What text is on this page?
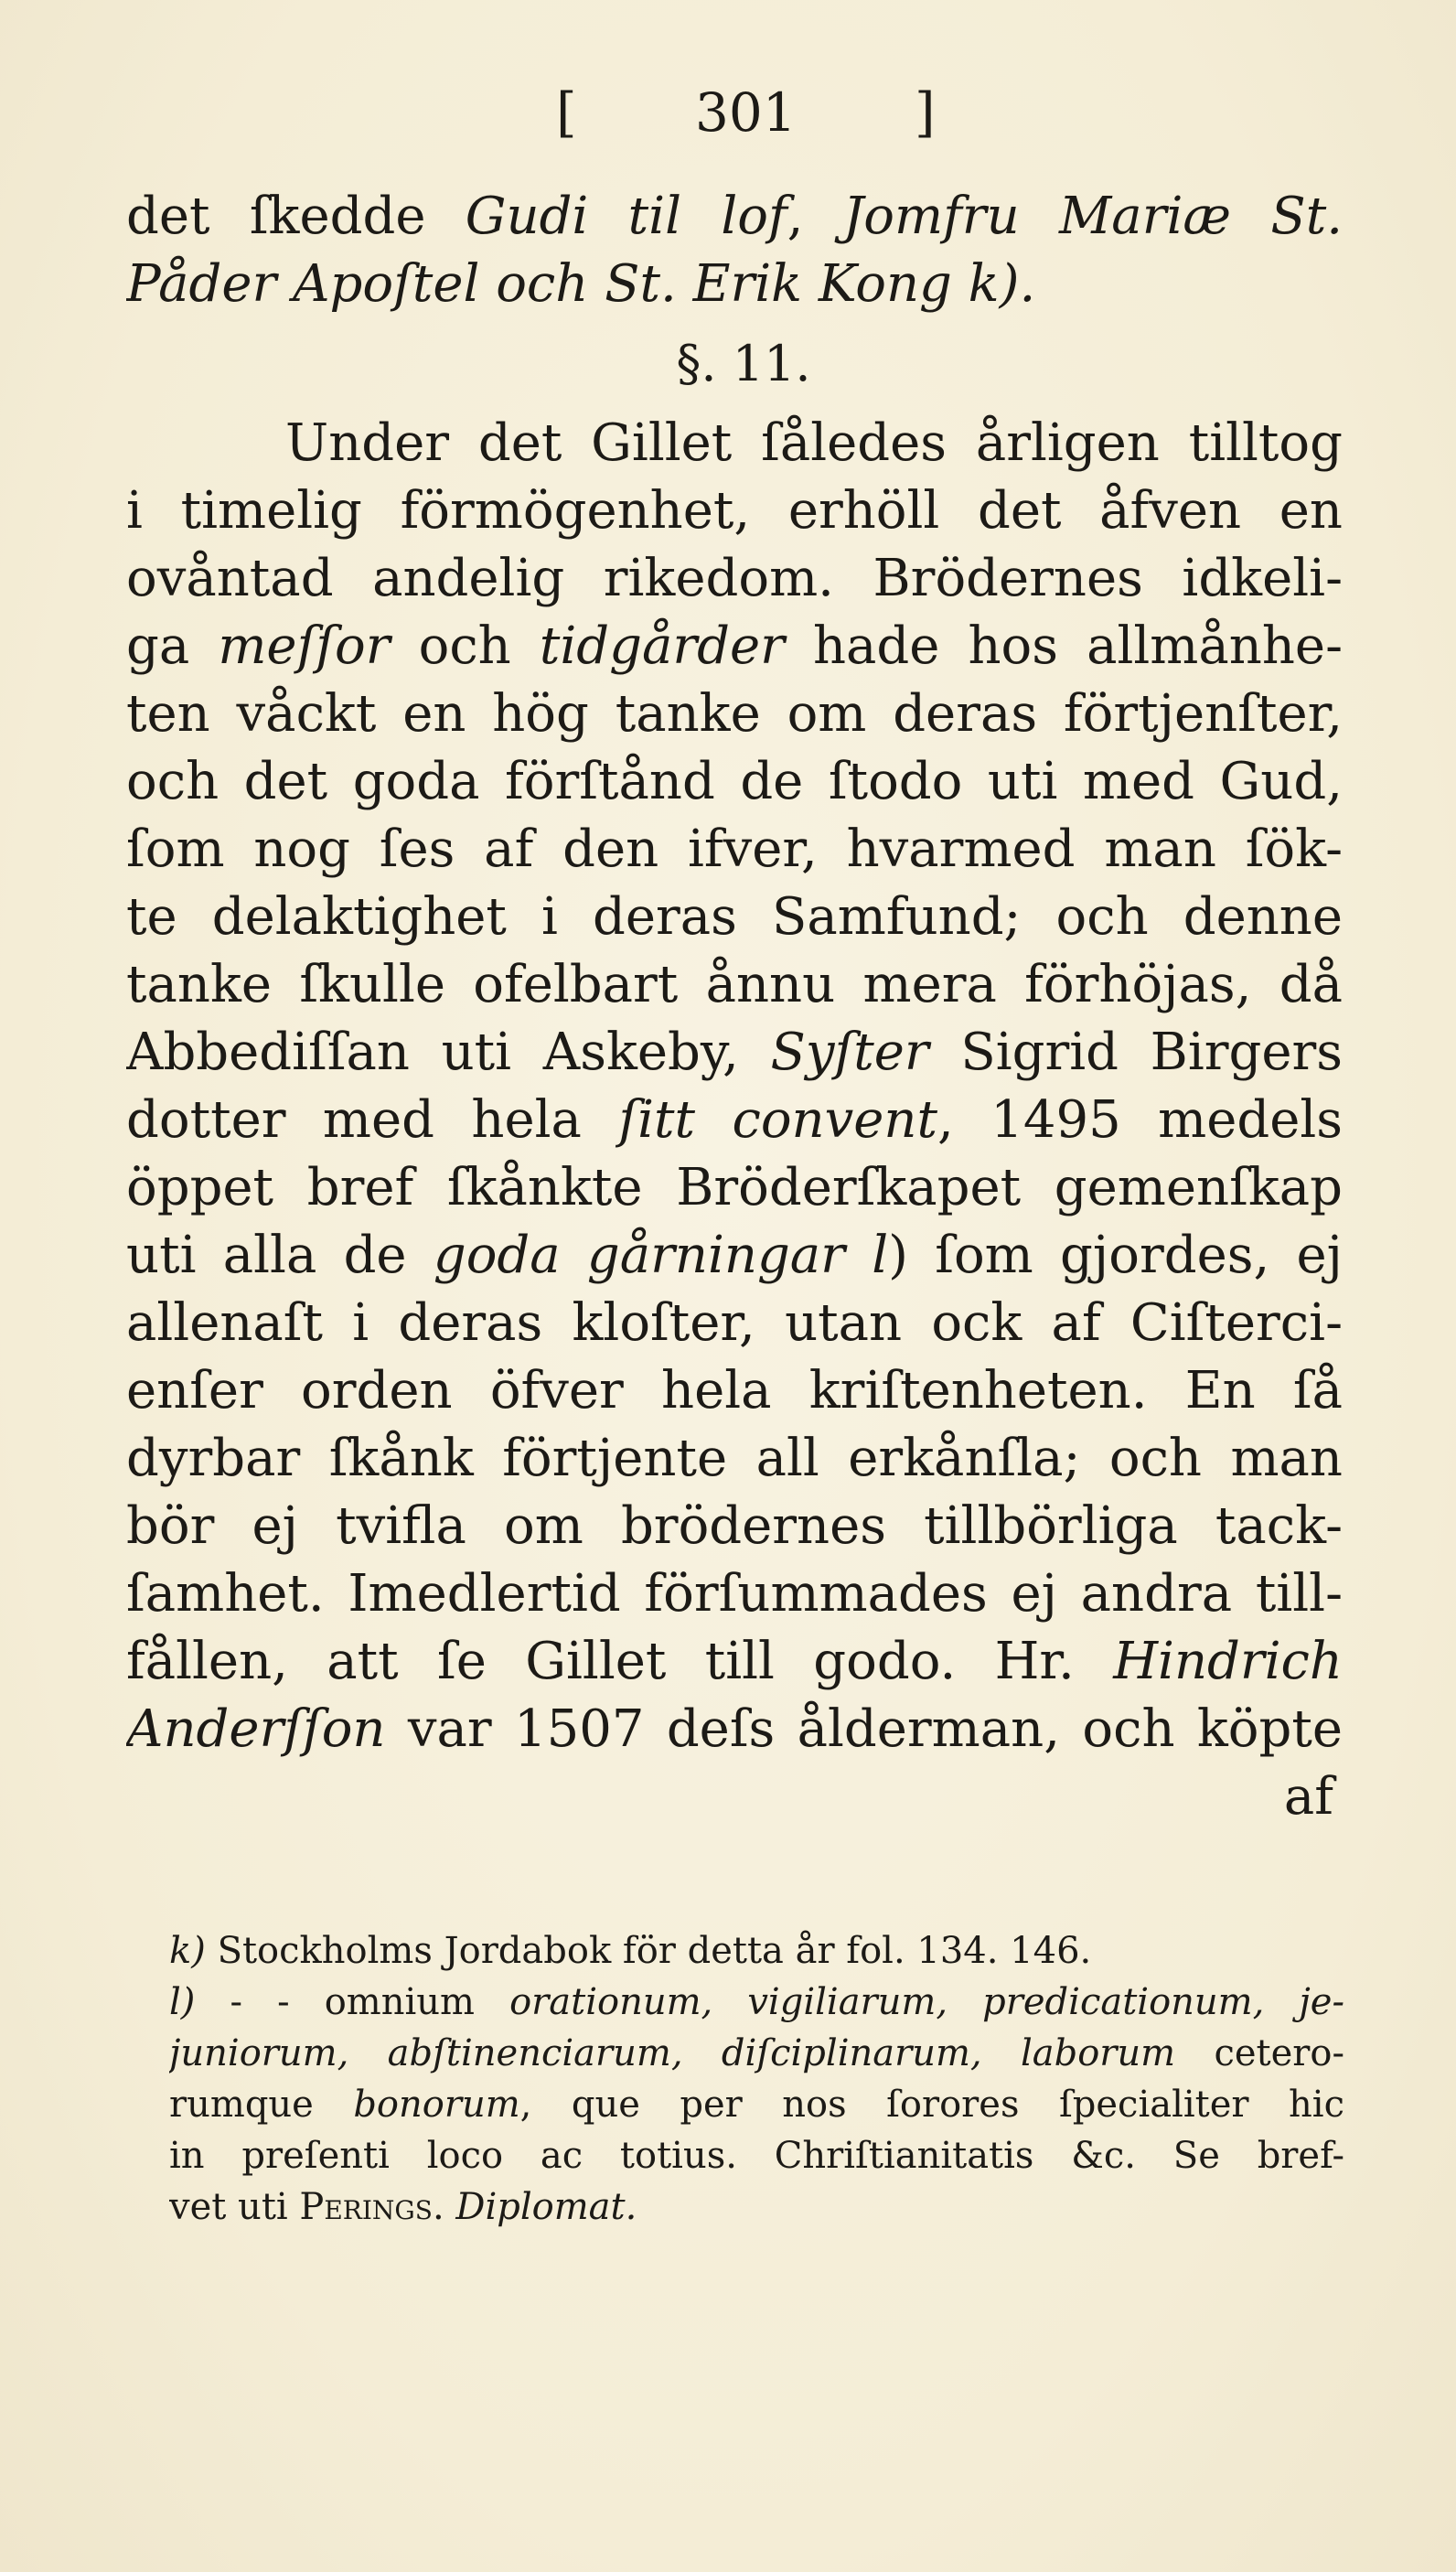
[ 301 ]
det ſkedde Gudi til lof, Jomfru Mariæ St.
Påder Apoſtel och St. Erik Kong k).
§. 11.
Under det Gillet ſåledes årligen tilltog
i timelig förmögenhet, erhöll det åfven en
ovåntad andelig rikedom. Brödernes idkeli-
ga meſſor och tidgårder hade hos allmånhe-
ten våckt en hög tanke om deras förtjenſter,
och det goda förſtånd de ſtodo uti med Gud,
ſom nog ſes af den ifver, hvarmed man ſök-
te delaktighet i deras Samfund; och denne
tanke ſkulle ofelbart ånnu mera förhöjas, då
Abbediſſan uti Askeby, Syſter Sigrid Birgers
dotter med hela ſitt convent, 1495 medels
öppet bref ſkånkte Bröderſkapet gemenſkap
uti alla de goda gårningar l) ſom gjordes, ej
allenaſt i deras kloſter, utan ock af Ciſterci-
enſer orden öfver hela kriſtenheten. En ſå
dyrbar ſkånk förtjente all erkånſla; och man
bör ej tvifla om brödernes tillbörliga tack-
ſamhet. Imedlertid förſummades ej andra till-
fållen, att ſe Gillet till godo. Hr. Hindrich
Anderſſon var 1507 deſs ålderman, och köpte
af
k) Stockholms Jordabok för detta år fol. 134. 146.
l) - - omnium orationum, vigiliarum, predicationum, je-
juniorum, abſtinenciarum, diſciplinarum, laborum cetero-
rumque bonorum, que per nos ſorores ſpecialiter hic
in preſenti loco ac totius. Chriſtianitatis &c. Se bref-
vet uti Perings. Diplomat.
